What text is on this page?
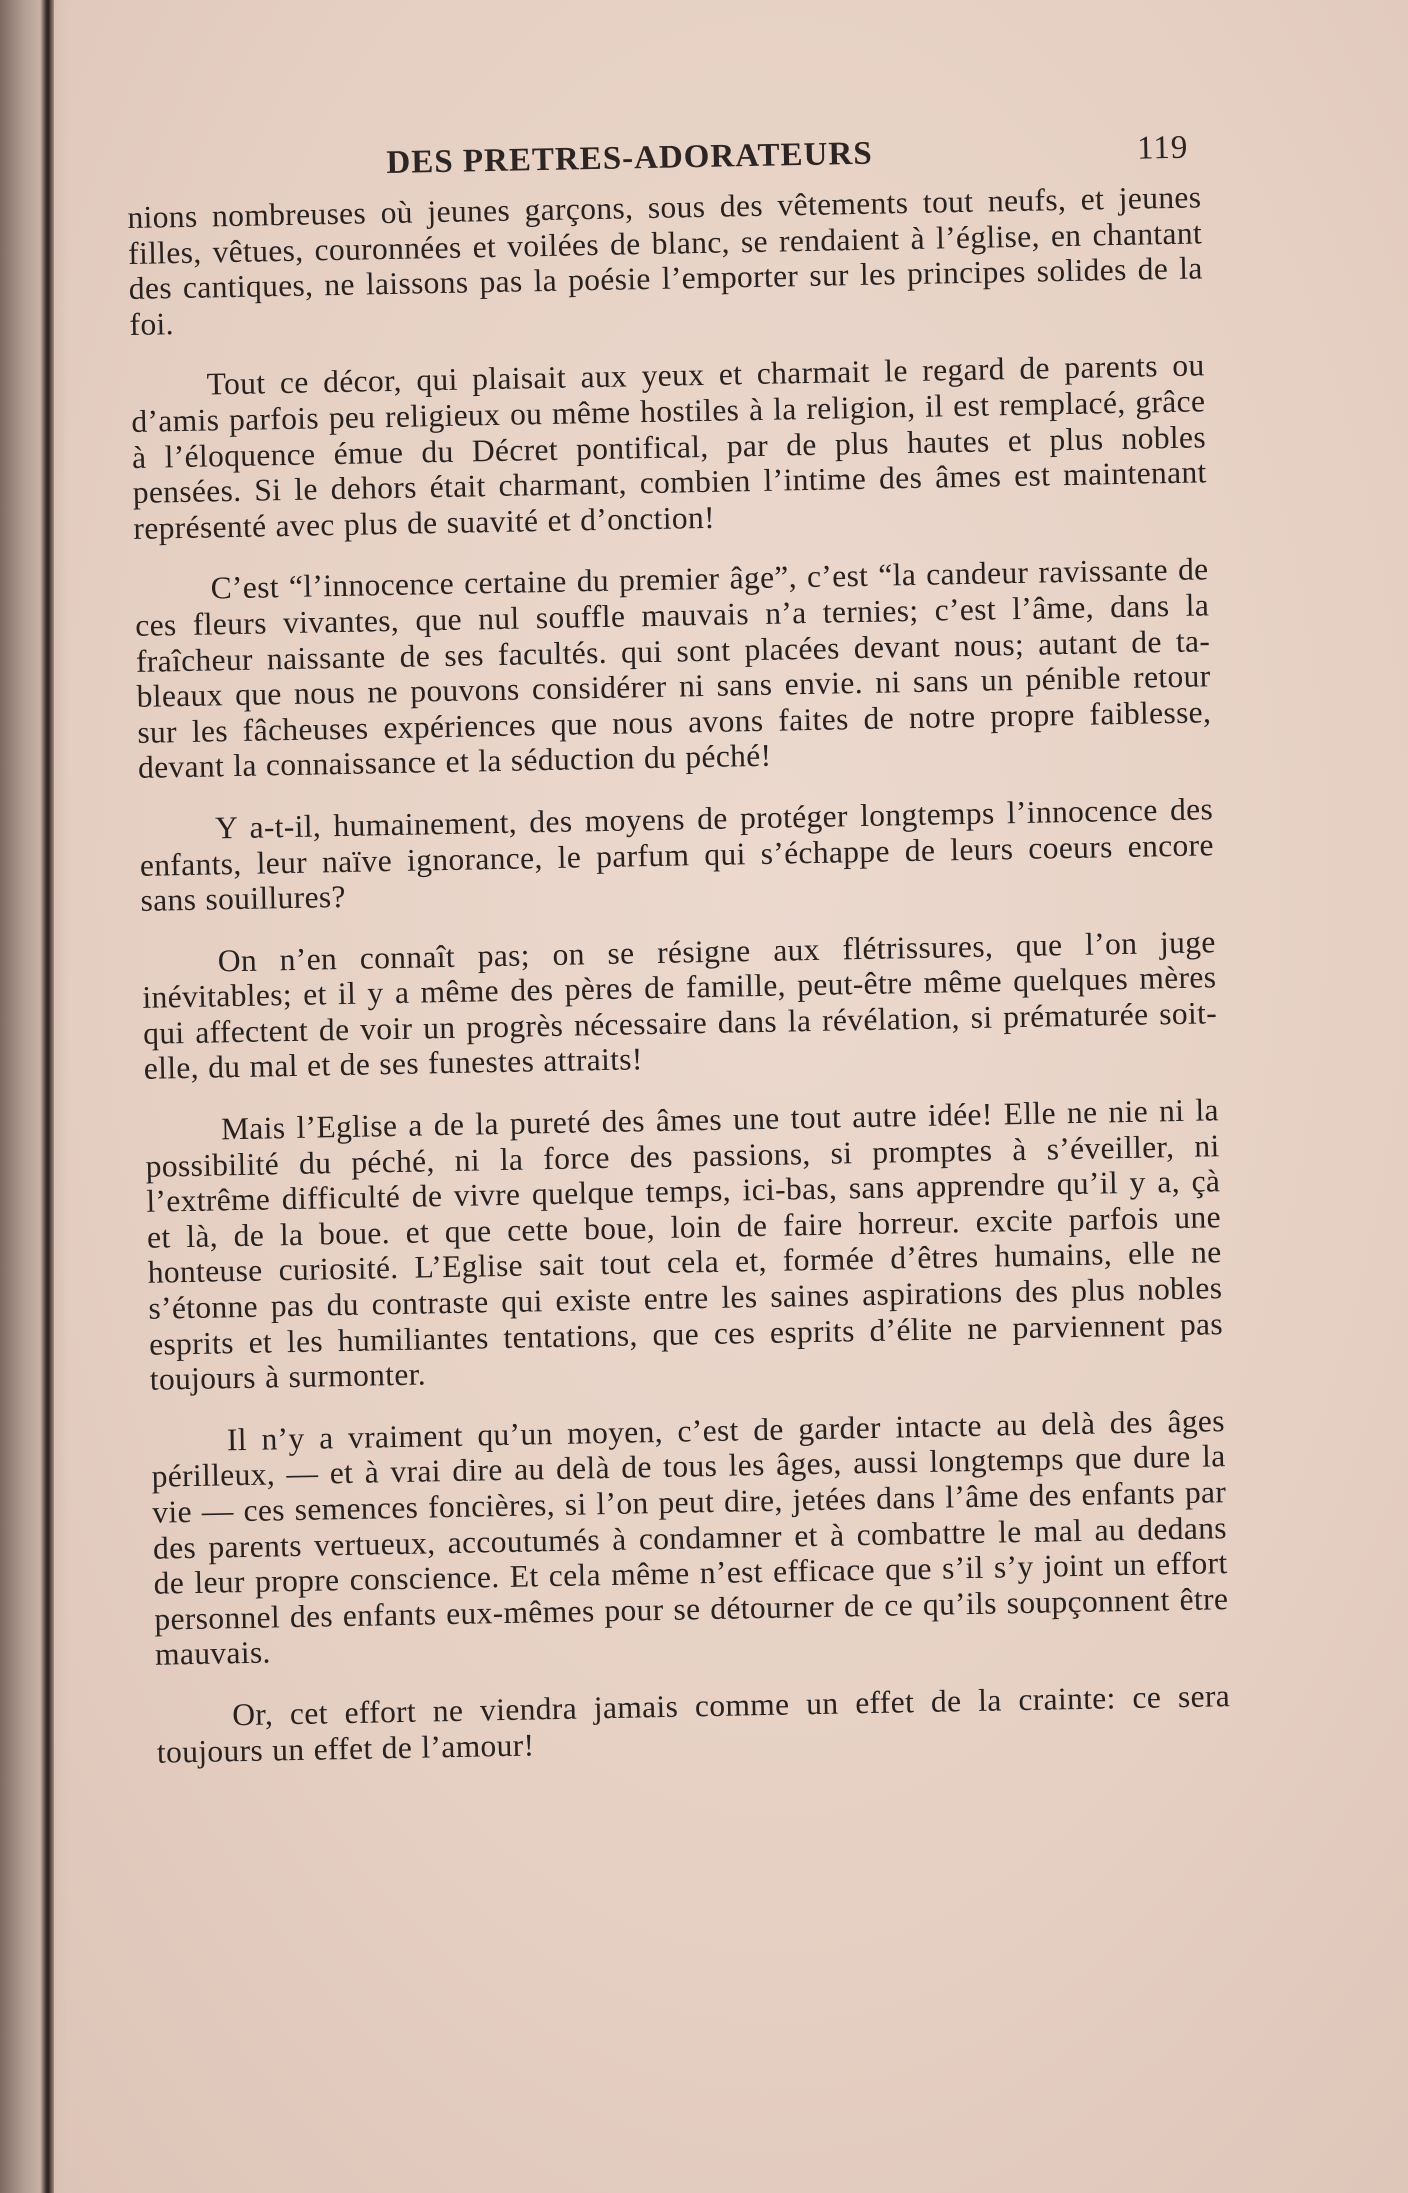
DES PRETRES-ADORATEURS	119

nions nombreuses où jeunes garçons, sous des vêtements tout neufs, et jeunes filles, vêtues, couronnées et voilées de blanc, se rendaient à l’église, en chantant des cantiques, ne laissons pas la poésie l’emporter sur les principes solides de la foi.

Tout ce décor, qui plaisait aux yeux et charmait le regard de parents ou d’amis parfois peu religieux ou même hostiles à la religion, il est remplacé, grâce à l’éloquence émue du Décret pontifical, par de plus hautes et plus nobles pensées. Si le dehors était charmant, combien l’intime des âmes est maintenant représenté avec plus de suavité et d’onction!

C’est “l’innocence certaine du premier âge”, c’est “la candeur ravissante de ces fleurs vivantes, que nul souffle mauvais n’a ternies; c’est l’âme, dans la fraîcheur naissante de ses facultés. qui sont placées devant nous; autant de tableaux que nous ne pouvons considérer ni sans envie. ni sans un pénible retour sur les fâcheuses expériences que nous avons faites de notre propre faiblesse, devant la connaissance et la séduction du péché!

Y a-t-il, humainement, des moyens de protéger longtemps l’innocence des enfants, leur naïve ignorance, le parfum qui s’échappe de leurs coeurs encore sans souillures?

On n’en connaît pas; on se résigne aux flétrissures, que l’on juge inévitables; et il y a même des pères de famille, peut-être même quelques mères qui affectent de voir un progrès nécessaire dans la révélation, si prématurée soit-elle, du mal et de ses funestes attraits!

Mais l’Eglise a de la pureté des âmes une tout autre idée! Elle ne nie ni la possibilité du péché, ni la force des passions, si promptes à s’éveiller, ni l’extrême difficulté de vivre quelque temps, ici-bas, sans apprendre qu’il y a, çà et là, de la boue. et que cette boue, loin de faire horreur. excite parfois une honteuse curiosité. L’Eglise sait tout cela et, formée d’êtres humains, elle ne s’étonne pas du contraste qui existe entre les saines aspirations des plus nobles esprits et les humiliantes tentations, que ces esprits d’élite ne parviennent pas toujours à surmonter.

Il n’y a vraiment qu’un moyen, c’est de garder intacte au delà des âges périlleux, — et à vrai dire au delà de tous les âges, aussi longtemps que dure la vie — ces semences foncières, si l’on peut dire, jetées dans l’âme des enfants par des parents vertueux, accoutumés à condamner et à combattre le mal au dedans de leur propre conscience. Et cela même n’est efficace que s’il s’y joint un effort personnel des enfants eux-mêmes pour se détourner de ce qu’ils soupçonnent être mauvais.

Or, cet effort ne viendra jamais comme un effet de la crainte: ce sera toujours un effet de l’amour!
